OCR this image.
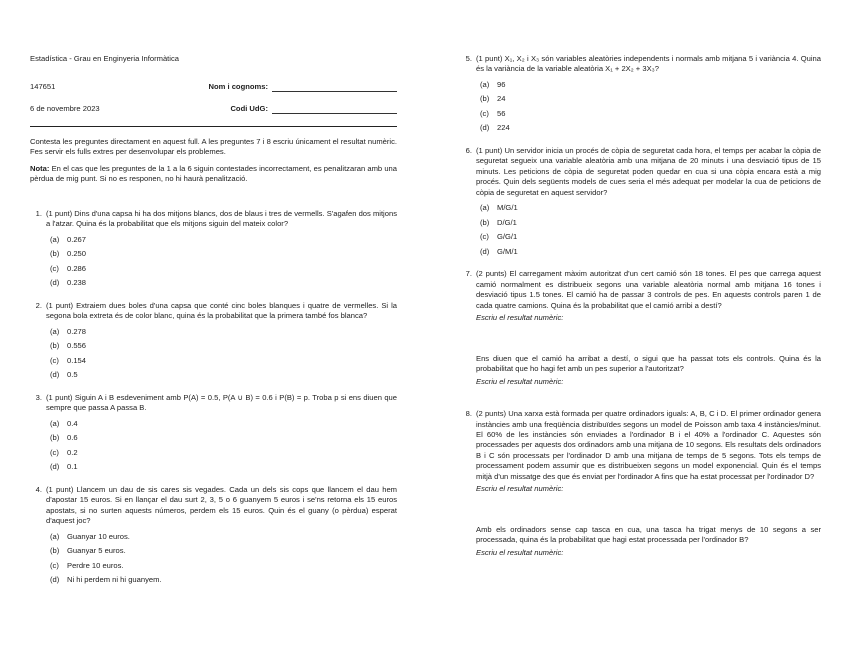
Estadística - Grau en Enginyeria Informàtica
147651	Nom i cognoms:
6 de novembre 2023	Codi UdG:

Contesta les preguntes directament en aquest full. A les preguntes 7 i 8 escriu únicament el resultat numèric. Fes servir els fulls extres per desenvolupar els problemes.

Nota: En el cas que les preguntes de la 1 a la 6 siguin contestades incorrectament, es penalitzaran amb una pèrdua de mig punt. Si no es responen, no hi haurà penalització.

1. (1 punt) Dins d'una capsa hi ha dos mitjons blancs, dos de blaus i tres de vermells. S'agafen dos mitjons a l'atzar. Quina és la probabilitat que els mitjons siguin del mateix color?
(a)	0.267
(b)	0.250
(c)	0.286
(d)	0.238
2. (1 punt) Extraiem dues boles d'una capsa que conté cinc boles blanques i quatre de vermelles. Si la segona bola extreta és de color blanc, quina és la probabilitat que la primera també fos blanca?
(a)	0.278
(b)	0.556
(c)	0.154
(d)	0.5
3. (1 punt) Siguin A i B esdeveniment amb P(A) = 0.5, P(A ∪ B) = 0.6 i P(B) = p. Troba p si ens diuen que sempre que passa A passa B.
(a)	0.4
(b)	0.6
(c)	0.2
(d)	0.1
4. (1 punt) Llancem un dau de sis cares sis vegades. Cada un dels sis cops que llancem el dau hem d'apostar 15 euros. Si en llançar el dau surt 2, 3, 5 o 6 guanyem 5 euros i se'ns retorna els 15 euros apostats, si no surten aquests números, perdem els 15 euros. Quin és el guany (o pèrdua) esperat d'aquest joc?
(a)	Guanyar 10 euros.
(b)	Guanyar 5 euros.
(c)	Perdre 10 euros.
(d)	Ni hi perdem ni hi guanyem.
5. (1 punt) X₁, X₂ i X₃ són variables aleatòries independents i normals amb mitjana 5 i variància 4. Quina és la variància de la variable aleatòria X₁ + 2X₂ + 3X₃?
(a)	96
(b)	24
(c)	56
(d)	224
6. (1 punt) Un servidor inicia un procés de còpia de seguretat cada hora, el temps per acabar la còpia de seguretat segueix una variable aleatòria amb una mitjana de 20 minuts i una desviació tipus de 15 minuts. Les peticions de còpia de seguretat poden quedar en cua si una còpia encara està a mig procés. Quin dels següents models de cues seria el més adequat per modelar la cua de peticions de còpia de seguretat en aquest servidor?
(a)	M/G/1
(b)	D/G/1
(c)	G/G/1
(d)	G/M/1
7. (2 punts) El carregament màxim autoritzat d'un cert camió són 18 tones. El pes que carrega aquest camió normalment es distribueix segons una variable aleatòria normal amb mitjana 16 tones i desviació tipus 1.5 tones. El camió ha de passar 3 controls de pes. En aquests controls paren 1 de cada quatre camions. Quina és la probabilitat que el camió arribi a destí?
Escriu el resultat numèric:
Ens diuen que el camió ha arribat a destí, o sigui que ha passat tots els controls. Quina és la probabilitat que ho hagi fet amb un pes superior a l'autoritzat?
Escriu el resultat numèric:
8. (2 punts) Una xarxa està formada per quatre ordinadors iguals: A, B, C i D. El primer ordinador genera instàncies amb una freqüència distribuïdes segons un model de Poisson amb taxa 4 instàncies/minut. El 60% de les instàncies són enviades a l'ordinador B i el 40% a l'ordinador C. Aquestes són processades per aquests dos ordinadors amb una mitjana de 10 segons. Els resultats dels ordinadors B i C són processats per l'ordinador D amb una mitjana de temps de 5 segons. Tots els temps de processament podem assumir que es distribueixen segons un model exponencial. Quin és el temps mitjà d'un missatge des que és enviat per l'ordinador A fins que ha estat processat per l'ordinador D?
Escriu el resultat numèric:
Amb els ordinadors sense cap tasca en cua, una tasca ha trigat menys de 10 segons a ser processada, quina és la probabilitat que hagi estat processada per l'ordinador B?
Escriu el resultat numèric:
